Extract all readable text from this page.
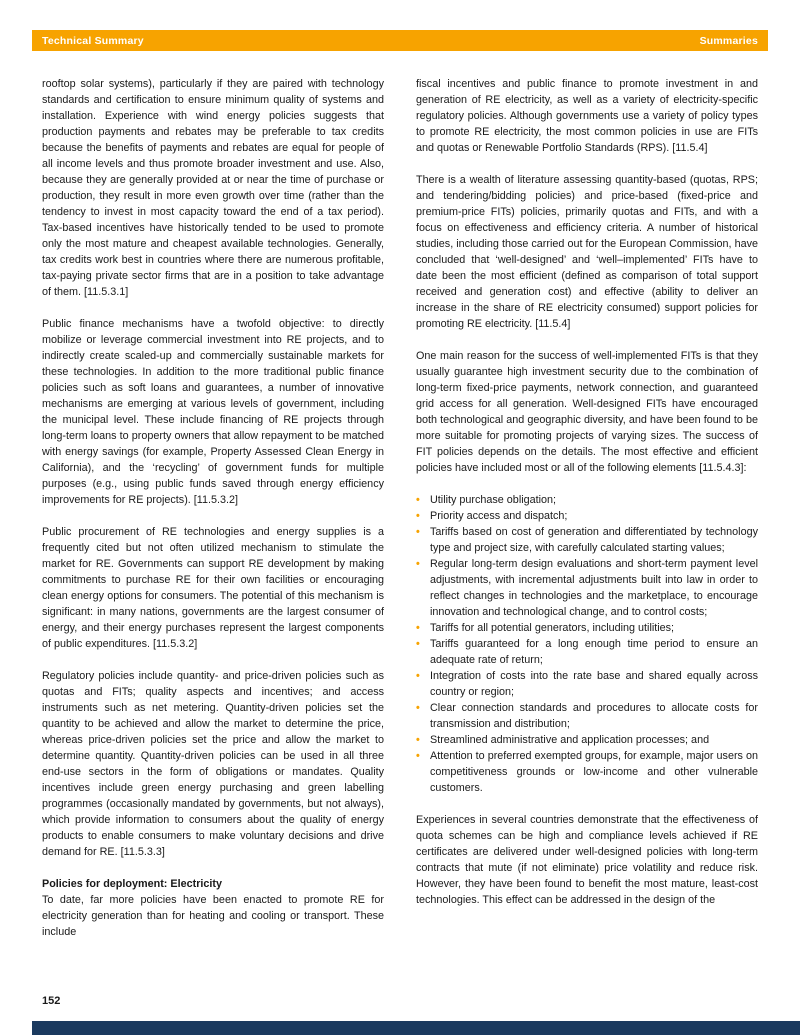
Technical Summary	Summaries

rooftop solar systems), particularly if they are paired with technology standards and certification to ensure minimum quality of systems and installation. Experience with wind energy policies suggests that production payments and rebates may be preferable to tax credits because the benefits of payments and rebates are equal for people of all income levels and thus promote broader investment and use. Also, because they are generally provided at or near the time of purchase or production, they result in more even growth over time (rather than the tendency to invest in most capacity toward the end of a tax period). Tax-based incentives have historically tended to be used to promote only the most mature and cheapest available technologies. Generally, tax credits work best in countries where there are numerous profitable, tax-paying private sector firms that are in a position to take advantage of them. [11.5.3.1]

Public finance mechanisms have a twofold objective: to directly mobilize or leverage commercial investment into RE projects, and to indirectly create scaled-up and commercially sustainable markets for these technologies. In addition to the more traditional public finance policies such as soft loans and guarantees, a number of innovative mechanisms are emerging at various levels of government, including the municipal level. These include financing of RE projects through long-term loans to property owners that allow repayment to be matched with energy savings (for example, Property Assessed Clean Energy in California), and the ‘recycling’ of government funds for multiple purposes (e.g., using public funds saved through energy efficiency improvements for RE projects). [11.5.3.2]

Public procurement of RE technologies and energy supplies is a frequently cited but not often utilized mechanism to stimulate the market for RE. Governments can support RE development by making commitments to purchase RE for their own facilities or encouraging clean energy options for consumers. The potential of this mechanism is significant: in many nations, governments are the largest consumer of energy, and their energy purchases represent the largest components of public expenditures. [11.5.3.2]

Regulatory policies include quantity- and price-driven policies such as quotas and FITs; quality aspects and incentives; and access instruments such as net metering. Quantity-driven policies set the quantity to be achieved and allow the market to determine the price, whereas price-driven policies set the price and allow the market to determine quantity. Quantity-driven policies can be used in all three end-use sectors in the form of obligations or mandates. Quality incentives include green energy purchasing and green labelling programmes (occasionally mandated by governments, but not always), which provide information to consumers about the quality of energy products to enable consumers to make voluntary decisions and drive demand for RE. [11.5.3.3]

Policies for deployment: Electricity

To date, far more policies have been enacted to promote RE for electricity generation than for heating and cooling or transport. These include

fiscal incentives and public finance to promote investment in and generation of RE electricity, as well as a variety of electricity-specific regulatory policies. Although governments use a variety of policy types to promote RE electricity, the most common policies in use are FITs and quotas or Renewable Portfolio Standards (RPS). [11.5.4]

There is a wealth of literature assessing quantity-based (quotas, RPS; and tendering/bidding policies) and price-based (fixed-price and premium-price FITs) policies, primarily quotas and FITs, and with a focus on effectiveness and efficiency criteria. A number of historical studies, including those carried out for the European Commission, have concluded that ‘well-designed’ and ‘well–implemented’ FITs have to date been the most efficient (defined as comparison of total support received and generation cost) and effective (ability to deliver an increase in the share of RE electricity consumed) support policies for promoting RE electricity. [11.5.4]

One main reason for the success of well-implemented FITs is that they usually guarantee high investment security due to the combination of long-term fixed-price payments, network connection, and guaranteed grid access for all generation. Well-designed FITs have encouraged both technological and geographic diversity, and have been found to be more suitable for promoting projects of varying sizes. The success of FIT policies depends on the details. The most effective and efficient policies have included most or all of the following elements [11.5.4.3]:

•
Utility purchase obligation;
•
Priority access and dispatch;
•
Tariffs based on cost of generation and differentiated by technology type and project size, with carefully calculated starting values;
•
Regular long-term design evaluations and short-term payment level adjustments, with incremental adjustments built into law in order to reflect changes in technologies and the marketplace, to encourage innovation and technological change, and to control costs;
•
Tariffs for all potential generators, including utilities;
•
Tariffs guaranteed for a long enough time period to ensure an adequate rate of return;
•
Integration of costs into the rate base and shared equally across country or region;
•
Clear connection standards and procedures to allocate costs for transmission and distribution;
•
Streamlined administrative and application processes; and
•
Attention to preferred exempted groups, for example, major users on competitiveness grounds or low-income and other vulnerable customers.

Experiences in several countries demonstrate that the effectiveness of quota schemes can be high and compliance levels achieved if RE certificates are delivered under well-designed policies with long-term contracts that mute (if not eliminate) price volatility and reduce risk. However, they have been found to benefit the most mature, least-cost technologies. This effect can be addressed in the design of the

152
